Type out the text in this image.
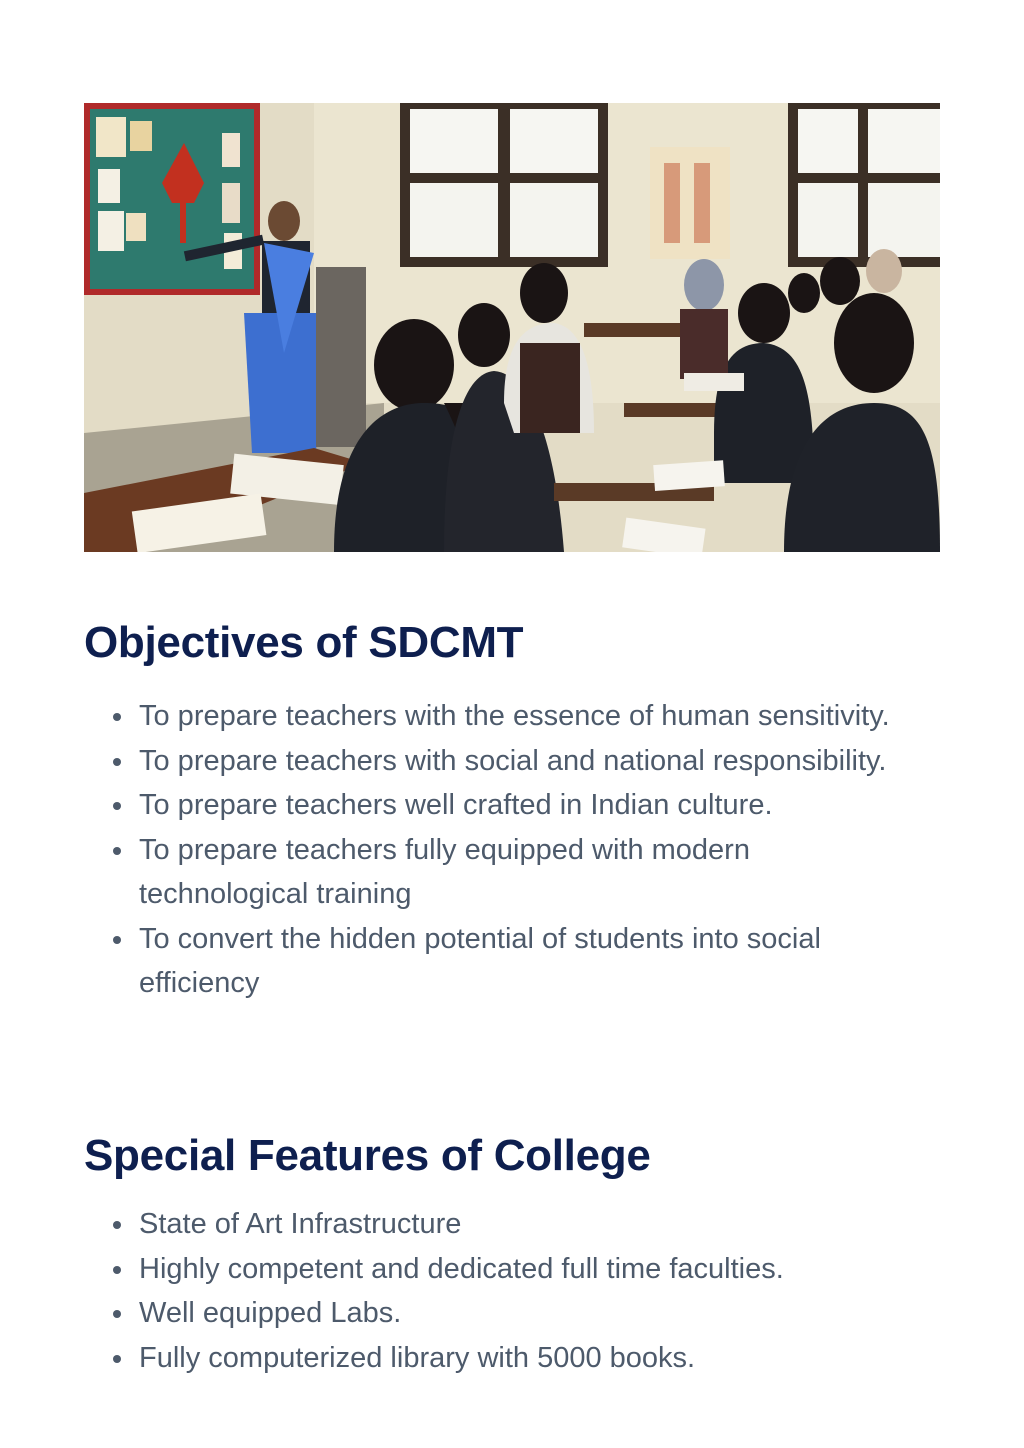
Objectives of SDCMT
To prepare teachers with the essence of human sensitivity.
To prepare teachers with social and national responsibility.
To prepare teachers well crafted in Indian culture.
To prepare teachers fully equipped with modern technological training
To convert the hidden potential of students into social efficiency
Special Features of College
State of Art Infrastructure
Highly competent and dedicated full time faculties.
Well equipped Labs.
Fully computerized library with 5000 books.
